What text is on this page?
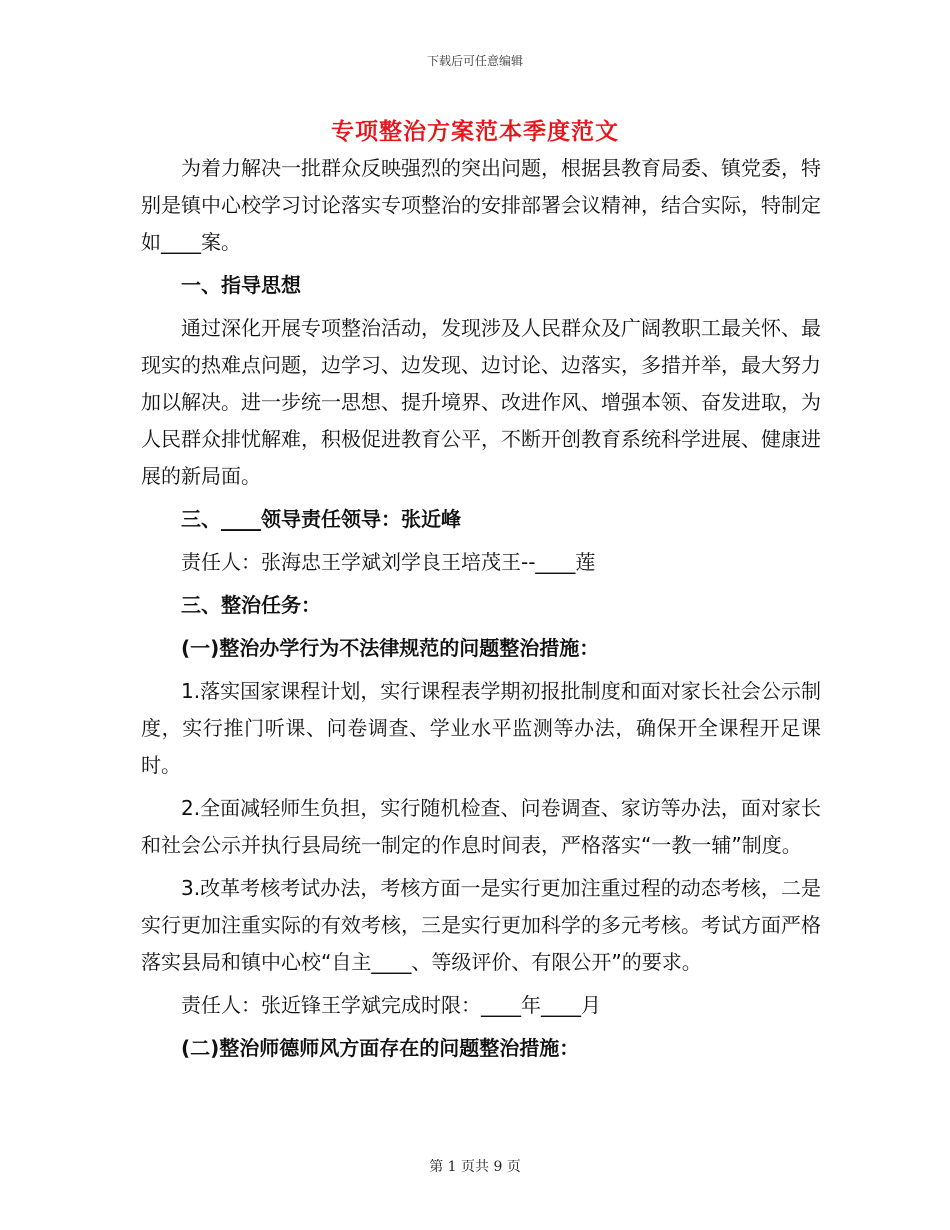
下载后可任意编辑
专项整治方案范本季度范文

为着力解决一批群众反映强烈的突出问题，根据县教育局委、镇党委，特别是镇中心校学习讨论落实专项整治的安排部署会议精神，结合实际，特制定如____案。

一、指导思想

通过深化开展专项整治活动，发现涉及人民群众及广阔教职工最关怀、最现实的热难点问题，边学习、边发现、边讨论、边落实，多措并举，最大努力加以解决。进一步统一思想、提升境界、改进作风、增强本领、奋发进取，为人民群众排忧解难，积极促进教育公平，不断开创教育系统科学进展、健康进展的新局面。

三、____领导责任领导：张近峰

责任人：张海忠王学斌刘学良王培茂王--____莲

三、整治任务：

(一)整治办学行为不法律规范的问题整治措施：

1.落实国家课程计划，实行课程表学期初报批制度和面对家长社会公示制度，实行推门听课、问卷调查、学业水平监测等办法，确保开全课程开足课时。

2.全面减轻师生负担，实行随机检查、问卷调查、家访等办法，面对家长和社会公示并执行县局统一制定的作息时间表，严格落实“一教一辅”制度。

3.改革考核考试办法，考核方面一是实行更加注重过程的动态考核，二是实行更加注重实际的有效考核，三是实行更加科学的多元考核。考试方面严格落实县局和镇中心校“自主____、等级评价、有限公开”的要求。

责任人：张近锋王学斌完成时限：____年____月

(二)整治师德师风方面存在的问题整治措施：

第 1 页共 9 页
